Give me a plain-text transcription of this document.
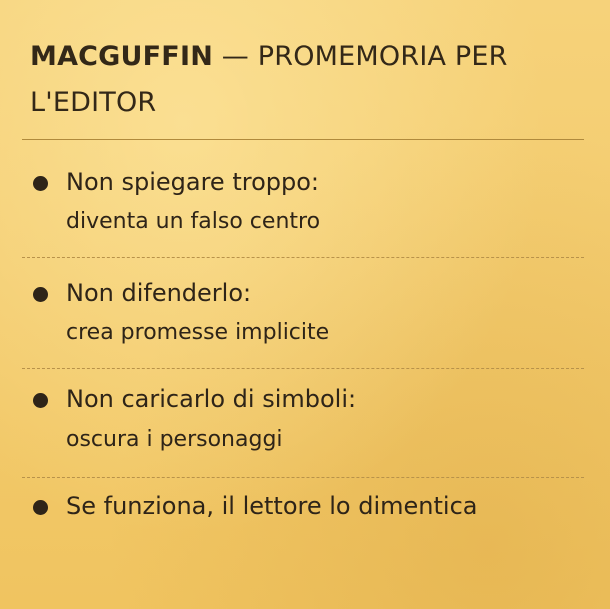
MACGUFFIN — PROMEMORIA PER L'EDITOR
Non spiegare troppo:
diventa un falso centro
Non difenderlo:
crea promesse implicite
Non caricarlo di simboli:
oscura i personaggi
Se funziona, il lettore lo dimentica
